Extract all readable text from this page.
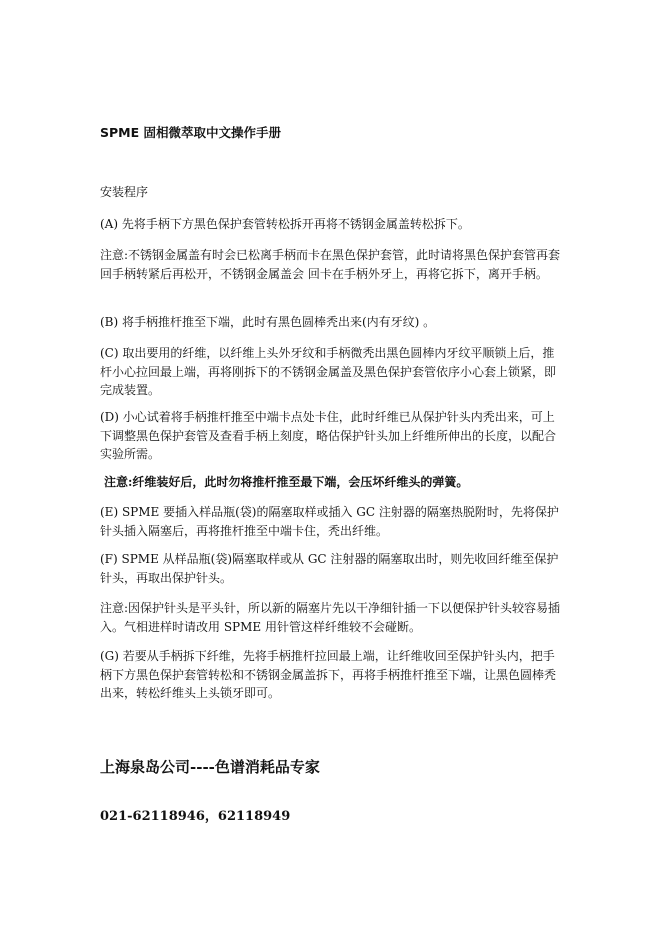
SPME 固相微萃取中文操作手册
安装程序
(A) 先将手柄下方黑色保护套管转松拆开再将不锈钢金属盖转松拆下。
注意:不锈钢金属盖有时会已松离手柄而卡在黑色保护套管，此时请将黑色保护套管再套回手柄转紧后再松开，不锈钢金属盖会 回卡在手柄外牙上，再将它拆下，离开手柄。
(B) 将手柄推杆推至下端，此时有黑色圆棒秃出来(内有牙纹) 。
(C) 取出要用的纤维，以纤维上头外牙纹和手柄微秃出黑色圆棒内牙纹平顺锁上后，推杆小心拉回最上端，再将刚拆下的不锈钢金属盖及黑色保护套管依序小心套上锁紧，即完成装置。
(D) 小心试着将手柄推杆推至中端卡点处卡住，此时纤维已从保护针头内秃出来，可上下调整黑色保护套管及查看手柄上刻度，略估保护针头加上纤维所伸出的长度，以配合实验所需。
注意:纤维装好后，此时勿将推杆推至最下端，会压坏纤维头的弹簧。
(E) SPME 要插入样品瓶(袋)的隔塞取样或插入 GC 注射器的隔塞热脱附时，先将保护针头插入隔塞后，再将推杆推至中端卡住，秃出纤维。
(F) SPME 从样品瓶(袋)隔塞取样或从 GC 注射器的隔塞取出时，则先收回纤维至保护针头，再取出保护针头。
注意:因保护针头是平头针，所以新的隔塞片先以干净细针插一下以便保护针头较容易插入。气相进样时请改用 SPME 用针管这样纤维较不会碰断。
(G) 若要从手柄拆下纤维，先将手柄推杆拉回最上端，让纤维收回至保护针头内，把手柄下方黑色保护套管转松和不锈钢金属盖拆下，再将手柄推杆推至下端，让黑色圆棒秃出来，转松纤维头上头锁牙即可。
上海泉岛公司----色谱消耗品专家
021-62118946，62118949
